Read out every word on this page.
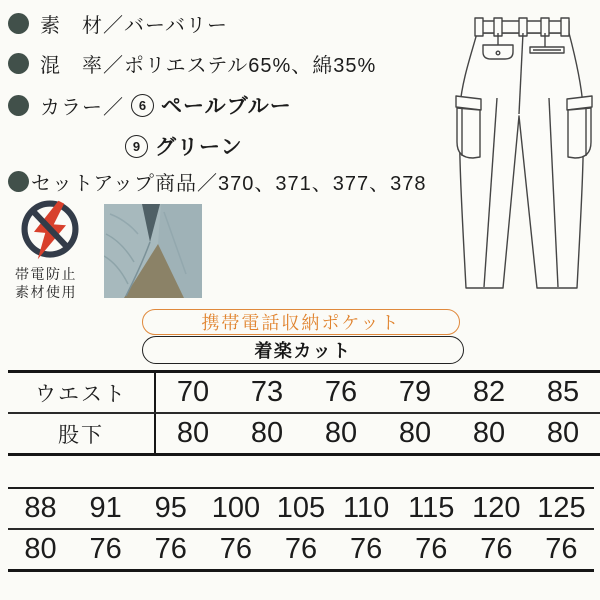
素　材 ／ バーバリー
混　率 ／ ポリエステル65%、綿35%
カラー ／	6 ペールブルー
9 グリーン
セットアップ商品 ／ 370、371、377、378
帯電防止
素材使用
携帯電話収納ポケット
着楽カット
ウエスト	70	73	76	79	82	85
股下	80	80	80	80	80	80
88	91	95 100 105 110 115 120 125
80	76	76	76	76	76	76	76	76
